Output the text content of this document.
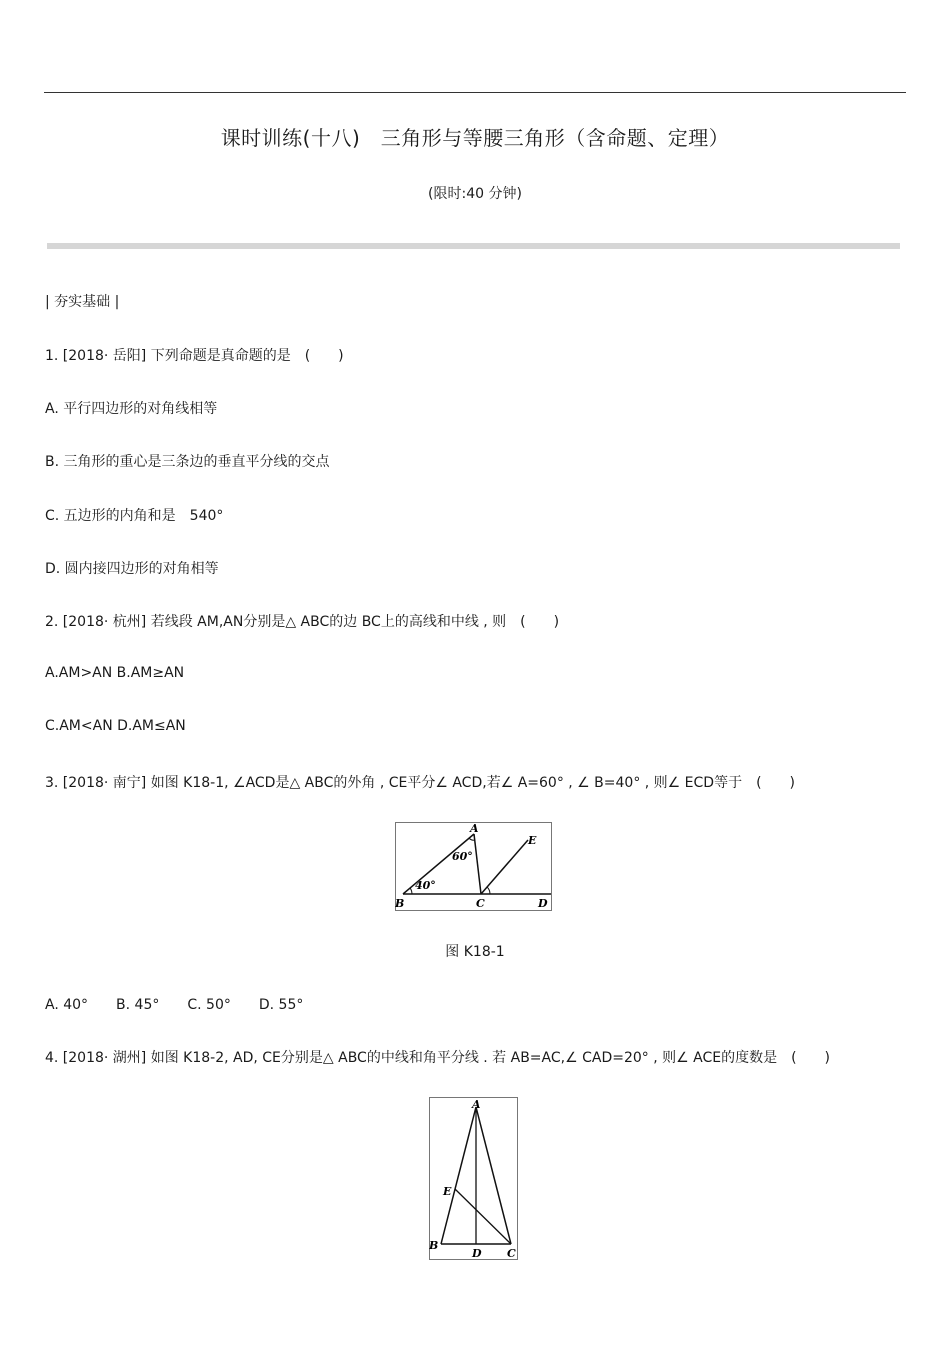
课时训练(十八)　三角形与等腰三角形（含命题、定理）
(限时:40 分钟)
| 夯实基础 |
1. [2018· 岳阳] 下列命题是真命题的是　(　　)
A. 平行四边形的对角线相等
B. 三角形的重心是三条边的垂直平分线的交点
C. 五边形的内角和是　540°
D. 圆内接四边形的对角相等
2. [2018· 杭州] 若线段 AM,AN分别是△ ABC的边 BC上的高线和中线 , 则　(　　)
A.AM>AN B.AM≥AN
C.AM<AN D.AM≤AN
3. [2018· 南宁] 如图 K18-1, ∠ACD是△ ABC的外角 , CE平分∠ ACD,若∠ A=60° , ∠ B=40° , 则∠ ECD等于　(　　)
A
B	C	D
E
60°
40°
图 K18-1
A. 40°　　B. 45°　　C. 50°　　D. 55°
4. [2018· 湖州] 如图 K18-2, AD, CE分别是△ ABC的中线和角平分线 . 若 AB=AC,∠ CAD=20° , 则∠ ACE的度数是　(　　)
A
B
C
D
E
